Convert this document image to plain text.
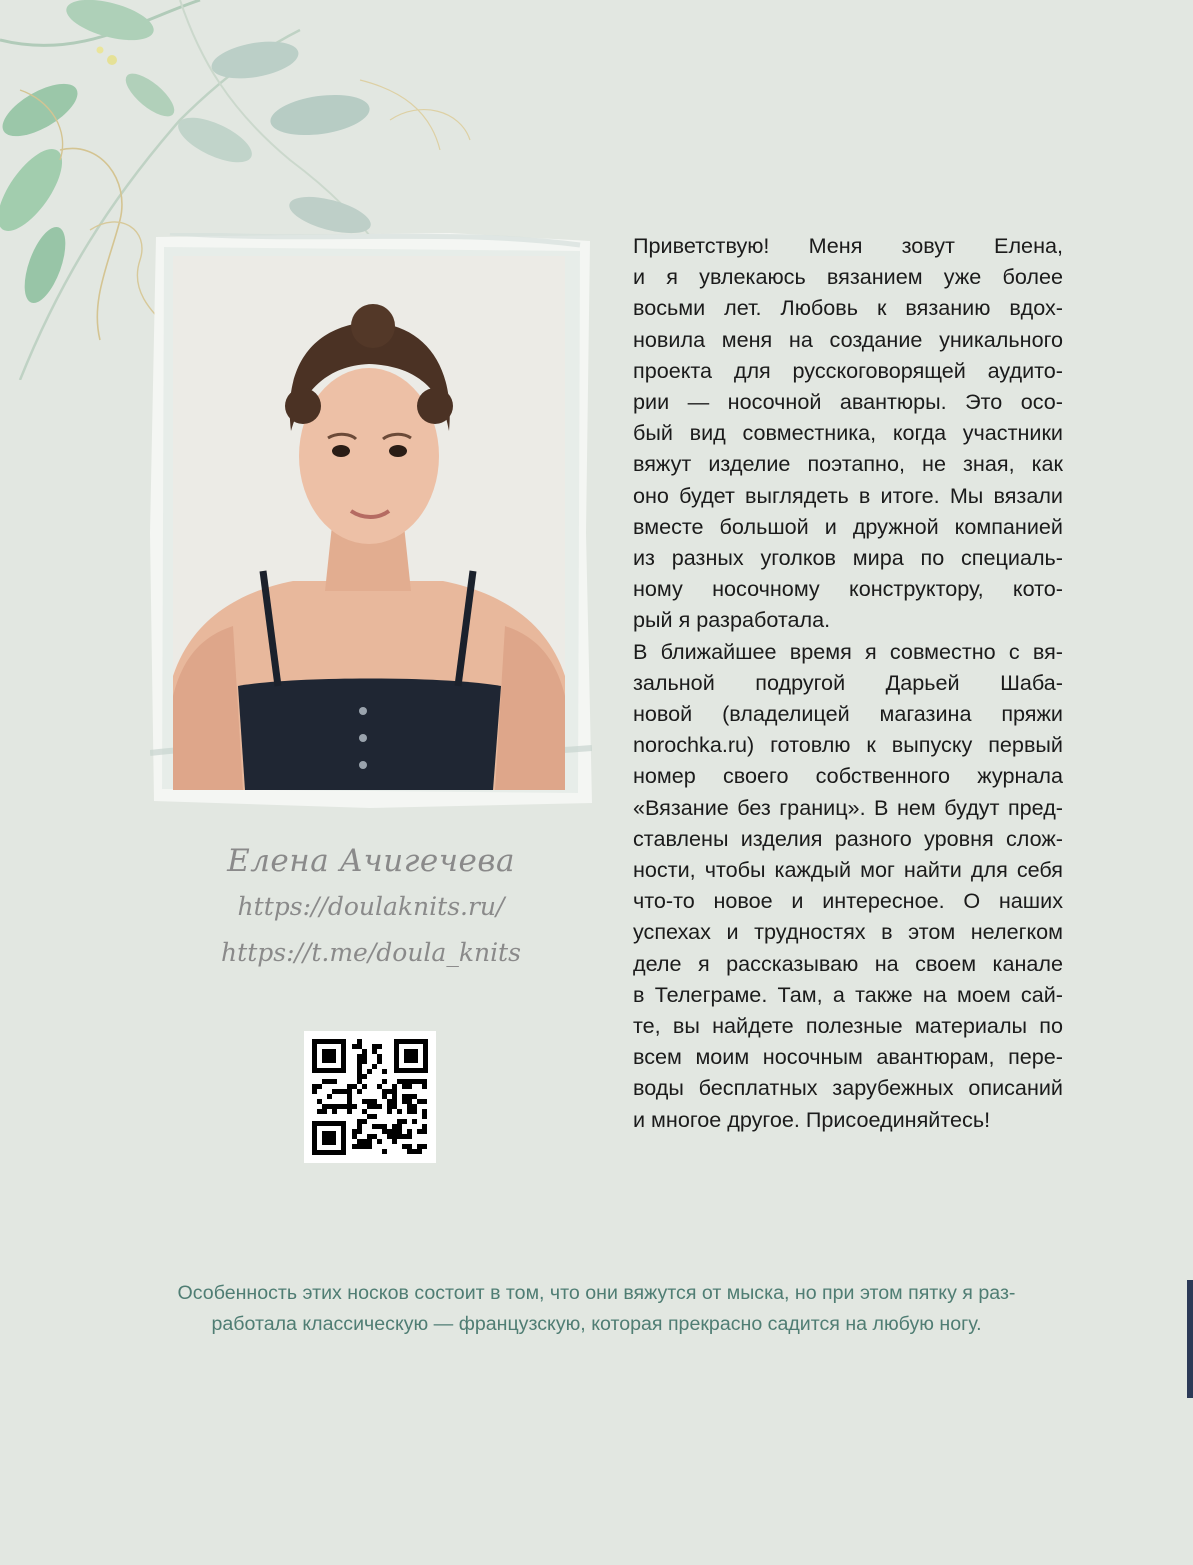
Елена Ачигечева
https://doulaknits.ru/
https://t.me/doula_knits

Приветствую! Меня зовут Елена,

и я увлекаюсь вязанием уже более

восьми лет. Любовь к вязанию вдох-

новила меня на создание уникального

проекта для русскоговорящей аудито-

рии — носочной авантюры. Это осо-

бый вид совместника, когда участники

вяжут изделие поэтапно, не зная, как

оно будет выглядеть в итоге. Мы вязали

вместе большой и дружной компанией

из разных уголков мира по специаль-

ному носочному конструктору, кото-

рый я разработала.

В ближайшее время я совместно с вя-

зальной подругой Дарьей Шаба-

новой (владелицей магазина пряжи

norochka.ru) готовлю к выпуску первый

номер своего собственного журнала

«Вязание без границ». В нем будут пред-

ставлены изделия разного уровня слож-

ности, чтобы каждый мог найти для себя

что-то новое и интересное. О наших

успехах и трудностях в этом нелегком

деле я рассказываю на своем канале

в Телеграме. Там, а также на моем сай-

те, вы найдете полезные материалы по

всем моим носочным авантюрам, пере-

воды бесплатных зарубежных описаний

и многое другое. Присоединяйтесь!

Особенность этих носков состоит в том, что они вяжутся от мыска, но при этом пятку я раз-
работала классическую — французскую, которая прекрасно садится на любую ногу.
